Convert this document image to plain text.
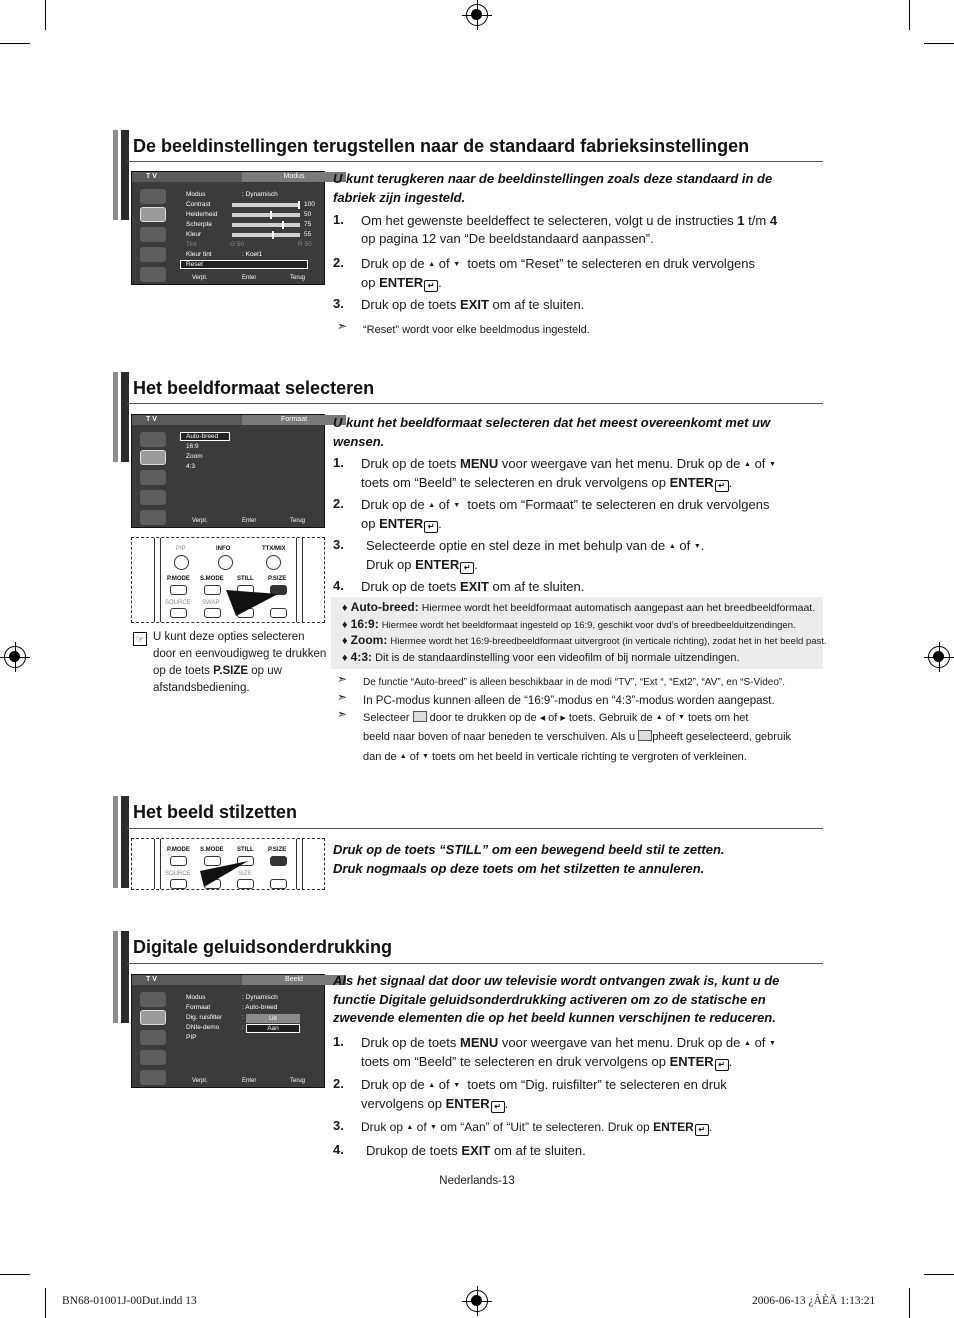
De beeldinstellingen terugstellen naar de standaard fabrieksinstellingen
T V	Modus
Modus	: Dynamisch
Contrast	100
Helderheid	50
Scherpte	75
Kleur	55
Tint	G 50	R 50
Kleur tint	: Koel1
Reset
Verpl.	Enter	Terug
U kunt terugkeren naar de beeldinstellingen zoals deze standaard in de
fabriek zijn ingesteld.
1. Om het gewenste beeldeffect te selecteren, volgt u de instructies 1 t/m 4
op pagina 12 van “De beeldstandaard aanpassen”.
2. Druk op de ▲ of ▼ toets om “Reset” te selecteren en druk vervolgens
op ENTER ↵ .
3. Druk op de toets EXIT om af te sluiten.
➣ “Reset” wordt voor elke beeldmodus ingesteld.
Het beeldformaat selecteren
T V	Formaat
Auto-breed
16:9
Zoom
4:3
Verpl.	Enter	Terug
PIP	INFO	TTX/MIX
P.MODE S.MODE STILL P.SIZE
SOURCE SWAP
☞ U kunt deze opties selecteren
door en eenvoudigweg te drukken
op de toets P.SIZE op uw
afstandsbediening.
U kunt het beeldformaat selecteren dat het meest overeenkomt met uw
wensen.
1. Druk op de toets MENU voor weergave van het menu. Druk op de ▲ of ▼
toets om “Beeld” te selecteren en druk vervolgens op ENTER ↵ .
2. Druk op de ▲ of ▼ toets om “Formaat” te selecteren en druk vervolgens
op ENTER ↵ .
3. Selecteerde optie en stel deze in met behulp van de ▲ of ▼ .
Druk op ENTER ↵ .
4. Druk op de toets EXIT om af te sluiten.
♦ Auto-breed: Hiermee wordt het beeldformaat automatisch aangepast aan het breedbeeldformaat.
♦ 16:9: Hiermee wordt het beeldformaat ingesteld op 16:9, geschikt voor dvd’s of breedbeelduitzendingen.
♦ Zoom: Hiermee wordt het 16:9-breedbeeldformaat uitvergroot (in verticale richting), zodat het in het beeld past.
♦ 4:3: Dit is de standaardinstelling voor een videofilm of bij normale uitzendingen.
➣ De functie “Auto-breed” is alleen beschikbaar in de modi “TV”, “Ext “, “Ext2”, “AV”, en “S-Video”.
➣ In PC-modus kunnen alleen de “16:9”-modus en “4:3”-modus worden aangepast.
➣ Selecteer door te drukken op de ◀ of ▶ toets. Gebruik de ▲ of ▼ toets om het
beeld naar boven of naar beneden te verschuiven. Als u pheeft geselecteerd, gebruik
dan de ▲ of ▼ toets om het beeld in verticale richting te vergroten of verkleinen.
Het beeld stilzetten
P.MODE S.MODE STILL P.SIZE
SOURCE	SIZE
Druk op de toets “STILL” om een bewegend beeld stil te zetten.
Druk nogmaals op deze toets om het stilzetten te annuleren.
Digitale geluidsonderdrukking
T V	Beeld
Modus	: Dynamisch
Formaat	: Auto-breed
Dig. ruisfilter	:
DNIe-demo	:
PIP
Uit
Aan
Verpl.	Enter	Terug
Als het signaal dat door uw televisie wordt ontvangen zwak is, kunt u de
functie Digitale geluidsonderdrukking activeren om zo de statische en
zwevende elementen die op het beeld kunnen verschijnen te reduceren.
1. Druk op de toets MENU voor weergave van het menu. Druk op de ▲ of ▼
toets om “Beeld” te selecteren en druk vervolgens op ENTER ↵ .
2. Druk op de ▲ of ▼ toets om “Dig. ruisfilter” te selecteren en druk
vervolgens op ENTER ↵ .
3. Druk op ▲ of ▼ om “Aan” of “Uit” te selecteren. Druk op ENTER ↵ .
4. Drukop de toets EXIT om af te sluiten.
Nederlands-13
BN68-01001J-00Dut.indd 13	2006-06-13 ¿ÀÈÄ 1:13:21
